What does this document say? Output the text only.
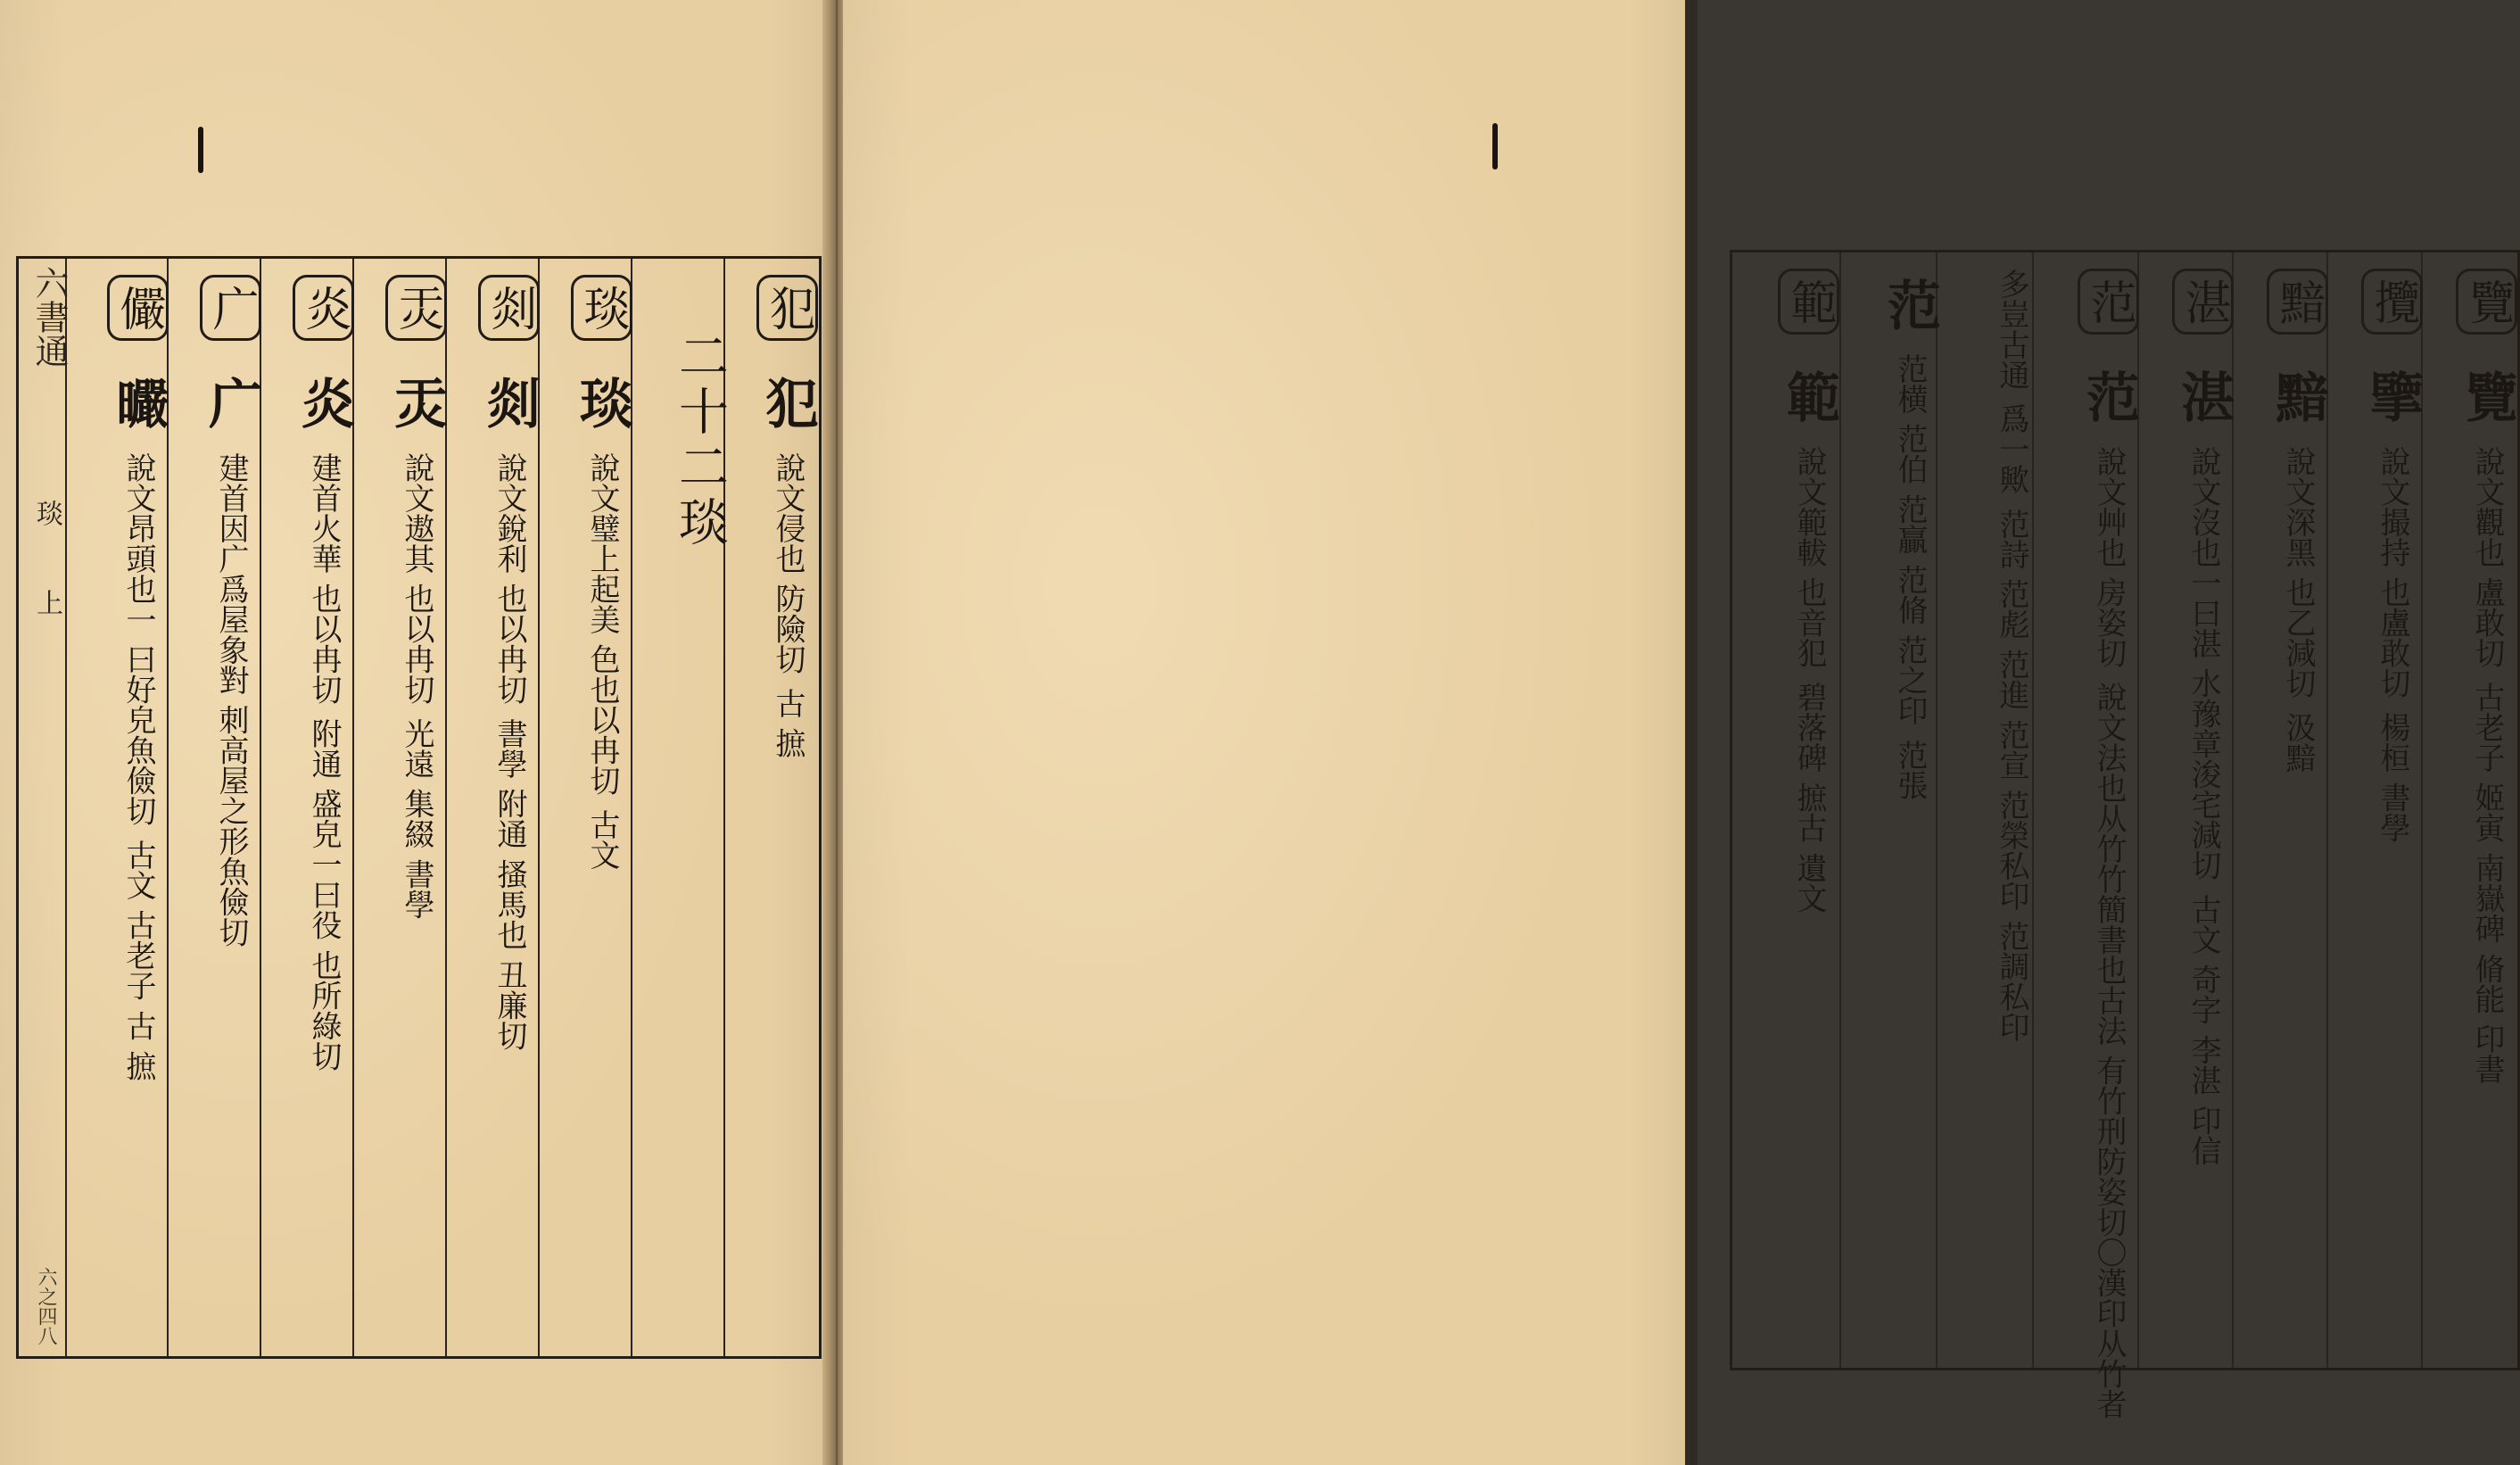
六書通
琰
上
六之四八
犯 犯 說文侵也 防險切 古 摭
二十二琰
琰 琰 說文璧上起美 色也以冉切 古文
剡 剡 說文銳利 也以冉切 書學 附通 搔馬也 丑廉切
㶣 㶣 說文遨其 也以冉切 光遠 集綴 書學
炎 炎 建首火華 也以冉切 附通 盛皃一曰役 也所綠切
广 广 建首因广爲屋象對 刺高屋之形魚儉切
儼 曮 說文昂頭也一 曰好皃魚儉切 古文 古老子 古 摭
覽 覽 說文觀也 盧敢切 古老子 姬寅 南嶽碑 脩能 印書
攬 擥 說文撮持 也盧敢切 楊桓 書學
黯 黯 說文深黑 也乙減切 汲黯
湛 湛 說文沒也一曰湛 水豫章浚宅減切 古文 奇字 李湛 印信
范 范 說文艸也 房姿切 說文法也从竹竹簡書也古法 有竹刑防姿切〇漢印从竹者
多豈古通 爲一歟 范詩 范彪 范進 范宣 范榮私印 范調私印
范 范横 范伯 范贏 范脩 范之印 范張
範 範 說文範軷 也音犯 碧落碑 摭古 遺文
